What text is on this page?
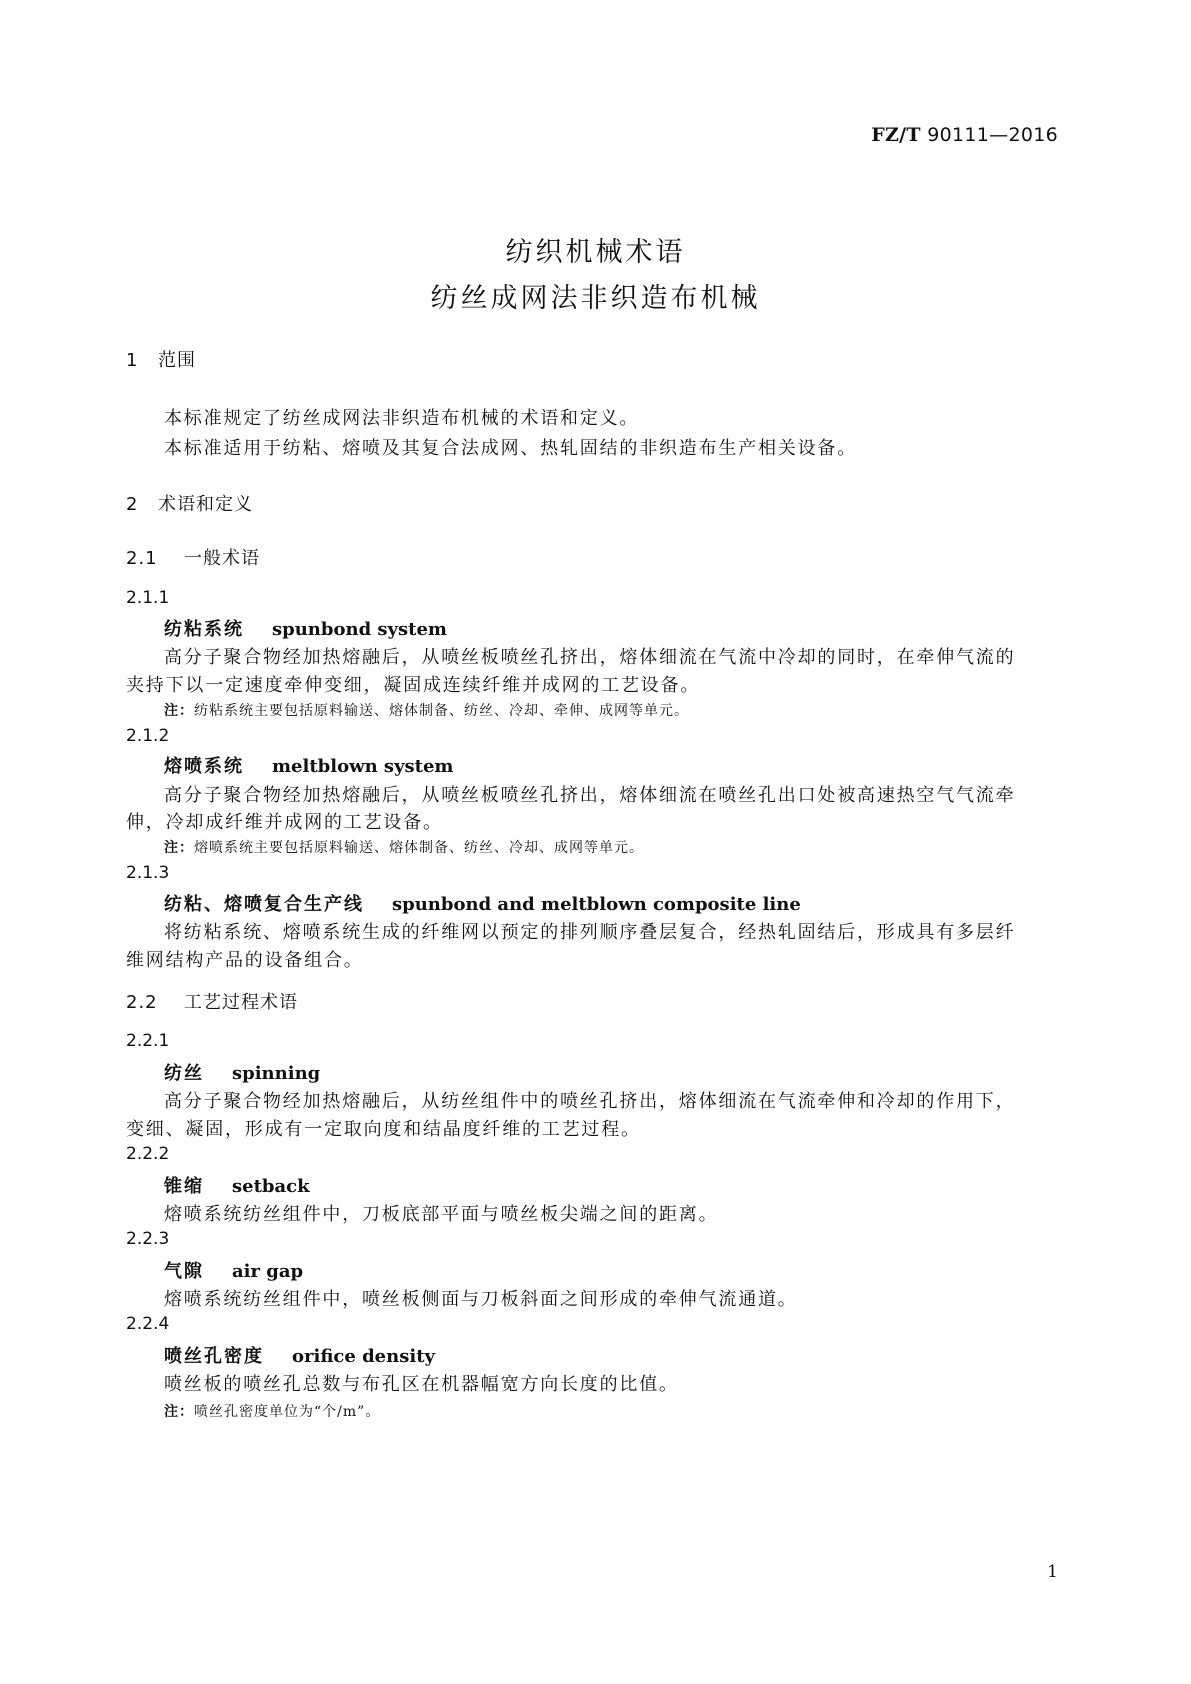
FZ/T 90111—2016
纺织机械术语
纺丝成网法非织造布机械
1 范围
本标准规定了纺丝成网法非织造布机械的术语和定义。
本标准适用于纺粘、熔喷及其复合法成网、热轧固结的非织造布生产相关设备。
2 术语和定义
2.1 一般术语
2.1.1
纺粘系统 spunbond system
高分子聚合物经加热熔融后，从喷丝板喷丝孔挤出，熔体细流在气流中冷却的同时，在牵伸气流的
夹持下以一定速度牵伸变细，凝固成连续纤维并成网的工艺设备。
注：纺粘系统主要包括原料输送、熔体制备、纺丝、冷却、牵伸、成网等单元。
2.1.2
熔喷系统 meltblown system
高分子聚合物经加热熔融后，从喷丝板喷丝孔挤出，熔体细流在喷丝孔出口处被高速热空气气流牵
伸，冷却成纤维并成网的工艺设备。
注：熔喷系统主要包括原料输送、熔体制备、纺丝、冷却、成网等单元。
2.1.3
纺粘、熔喷复合生产线 spunbond and meltblown composite line
将纺粘系统、熔喷系统生成的纤维网以预定的排列顺序叠层复合，经热轧固结后，形成具有多层纤
维网结构产品的设备组合。
2.2 工艺过程术语
2.2.1
纺丝 spinning
高分子聚合物经加热熔融后，从纺丝组件中的喷丝孔挤出，熔体细流在气流牵伸和冷却的作用下，
变细、凝固，形成有一定取向度和结晶度纤维的工艺过程。
2.2.2
锥缩 setback
熔喷系统纺丝组件中，刀板底部平面与喷丝板尖端之间的距离。
2.2.3
气隙 air gap
熔喷系统纺丝组件中，喷丝板侧面与刀板斜面之间形成的牵伸气流通道。
2.2.4
喷丝孔密度 orifice density
喷丝板的喷丝孔总数与布孔区在机器幅宽方向长度的比值。
注：喷丝孔密度单位为“个/m”。
1
